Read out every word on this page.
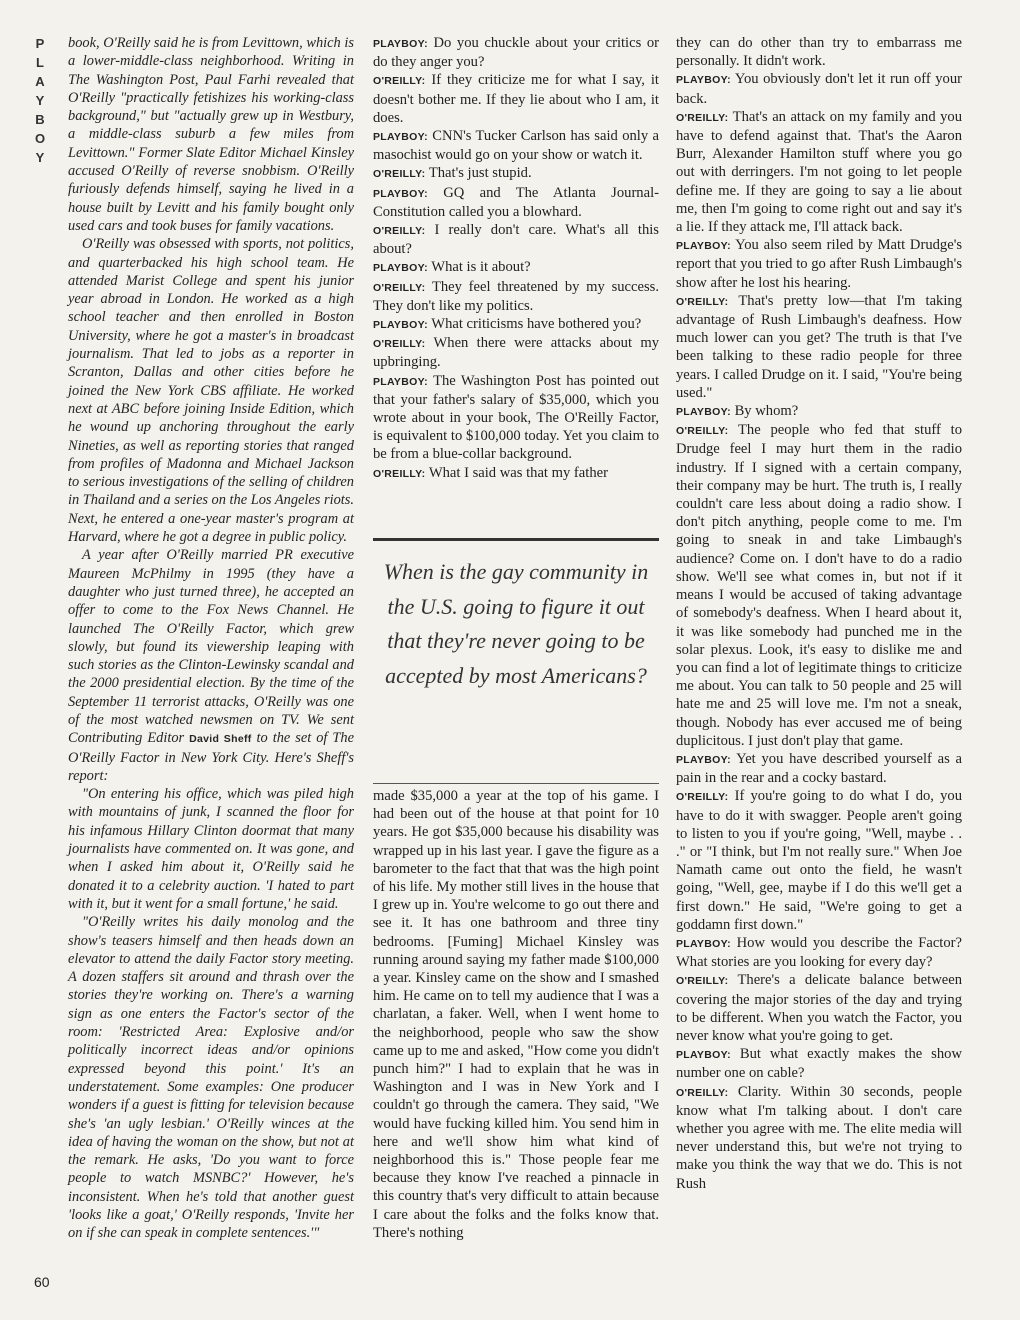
P
L
A
Y
B
O
Y

book, O'Reilly said he is from Levittown, which is a lower-middle-class neighborhood. Writing in The Washington Post, Paul Farhi revealed that O'Reilly "practically fetishizes his working-class background," but "actually grew up in Westbury, a middle-class suburb a few miles from Levittown." Former Slate Editor Michael Kinsley accused O'Reilly of reverse snobbism. O'Reilly furiously defends himself, saying he lived in a house built by Levitt and his family bought only used cars and took buses for family vacations.

O'Reilly was obsessed with sports, not politics, and quarterbacked his high school team. He attended Marist College and spent his junior year abroad in London. He worked as a high school teacher and then enrolled in Boston University, where he got a master's in broadcast journalism. That led to jobs as a reporter in Scranton, Dallas and other cities before he joined the New York CBS affiliate. He worked next at ABC before joining Inside Edition, which he wound up anchoring throughout the early Nineties, as well as reporting stories that ranged from profiles of Madonna and Michael Jackson to serious investigations of the selling of children in Thailand and a series on the Los Angeles riots. Next, he entered a one-year master's program at Harvard, where he got a degree in public policy.

A year after O'Reilly married PR executive Maureen McPhilmy in 1995 (they have a daughter who just turned three), he accepted an offer to come to the Fox News Channel. He launched The O'Reilly Factor, which grew slowly, but found its viewership leaping with such stories as the Clinton-Lewinsky scandal and the 2000 presidential election. By the time of the September 11 terrorist attacks, O'Reilly was one of the most watched newsmen on TV. We sent Contributing Editor David Sheff to the set of The O'Reilly Factor in New York City. Here's Sheff's report:

"On entering his office, which was piled high with mountains of junk, I scanned the floor for his infamous Hillary Clinton doormat that many journalists have commented on. It was gone, and when I asked him about it, O'Reilly said he donated it to a celebrity auction. 'I hated to part with it, but it went for a small fortune,' he said.

"O'Reilly writes his daily monolog and the show's teasers himself and then heads down an elevator to attend the daily Factor story meeting. A dozen staffers sit around and thrash over the stories they're working on. There's a warning sign as one enters the Factor's sector of the room: 'Restricted Area: Explosive and/or politically incorrect ideas and/or opinions expressed beyond this point.' It's an understatement. Some examples: One producer wonders if a guest is fitting for television because she's 'an ugly lesbian.' O'Reilly winces at the idea of having the woman on the show, but not at the remark. He asks, 'Do you want to force people to watch MSNBC?' However, he's inconsistent. When he's told that another guest 'looks like a goat,' O'Reilly responds, 'Invite her on if she can speak in complete sentences.'"

PLAYBOY: Do you chuckle about your critics or do they anger you?

O'REILLY: If they criticize me for what I say, it doesn't bother me. If they lie about who I am, it does.

PLAYBOY: CNN's Tucker Carlson has said only a masochist would go on your show or watch it.

O'REILLY: That's just stupid.

PLAYBOY: GQ and The Atlanta Journal-Constitution called you a blowhard.

O'REILLY: I really don't care. What's all this about?

PLAYBOY: What is it about?

O'REILLY: They feel threatened by my success. They don't like my politics.

PLAYBOY: What criticisms have bothered you?

O'REILLY: When there were attacks about my upbringing.

PLAYBOY: The Washington Post has pointed out that your father's salary of $35,000, which you wrote about in your book, The O'Reilly Factor, is equivalent to $100,000 today. Yet you claim to be from a blue-collar background.

O'REILLY: What I said was that my father

When is the gay community in the U.S. going to figure it out that they're never going to be accepted by most Americans?

made $35,000 a year at the top of his game. I had been out of the house at that point for 10 years. He got $35,000 because his disability was wrapped up in his last year. I gave the figure as a barometer to the fact that that was the high point of his life. My mother still lives in the house that I grew up in. You're welcome to go out there and see it. It has one bathroom and three tiny bedrooms. [Fuming] Michael Kinsley was running around saying my father made $100,000 a year. Kinsley came on the show and I smashed him. He came on to tell my audience that I was a charlatan, a faker. Well, when I went home to the neighborhood, people who saw the show came up to me and asked, "How come you didn't punch him?" I had to explain that he was in Washington and I was in New York and I couldn't go through the camera. They said, "We would have fucking killed him. You send him in here and we'll show him what kind of neighborhood this is." Those people fear me because they know I've reached a pinnacle in this country that's very difficult to attain because I care about the folks and the folks know that. There's nothing

they can do other than try to embarrass me personally. It didn't work.

PLAYBOY: You obviously don't let it run off your back.

O'REILLY: That's an attack on my family and you have to defend against that. That's the Aaron Burr, Alexander Hamilton stuff where you go out with derringers. I'm not going to let people define me. If they are going to say a lie about me, then I'm going to come right out and say it's a lie. If they attack me, I'll attack back.

PLAYBOY: You also seem riled by Matt Drudge's report that you tried to go after Rush Limbaugh's show after he lost his hearing.

O'REILLY: That's pretty low—that I'm taking advantage of Rush Limbaugh's deafness. How much lower can you get? The truth is that I've been talking to these radio people for three years. I called Drudge on it. I said, "You're being used."

PLAYBOY: By whom?

O'REILLY: The people who fed that stuff to Drudge feel I may hurt them in the radio industry. If I signed with a certain company, their company may be hurt. The truth is, I really couldn't care less about doing a radio show. I don't pitch anything, people come to me. I'm going to sneak in and take Limbaugh's audience? Come on. I don't have to do a radio show. We'll see what comes in, but not if it means I would be accused of taking advantage of somebody's deafness. When I heard about it, it was like somebody had punched me in the solar plexus. Look, it's easy to dislike me and you can find a lot of legitimate things to criticize me about. You can talk to 50 people and 25 will hate me and 25 will love me. I'm not a sneak, though. Nobody has ever accused me of being duplicitous. I just don't play that game.

PLAYBOY: Yet you have described yourself as a pain in the rear and a cocky bastard.

O'REILLY: If you're going to do what I do, you have to do it with swagger. People aren't going to listen to you if you're going, "Well, maybe . . ." or "I think, but I'm not really sure." When Joe Namath came out onto the field, he wasn't going, "Well, gee, maybe if I do this we'll get a first down." He said, "We're going to get a goddamn first down."

PLAYBOY: How would you describe the Factor? What stories are you looking for every day?

O'REILLY: There's a delicate balance between covering the major stories of the day and trying to be different. When you watch the Factor, you never know what you're going to get.

PLAYBOY: But what exactly makes the show number one on cable?

O'REILLY: Clarity. Within 30 seconds, people know what I'm talking about. I don't care whether you agree with me. The elite media will never understand this, but we're not trying to make you think the way that we do. This is not Rush

60
